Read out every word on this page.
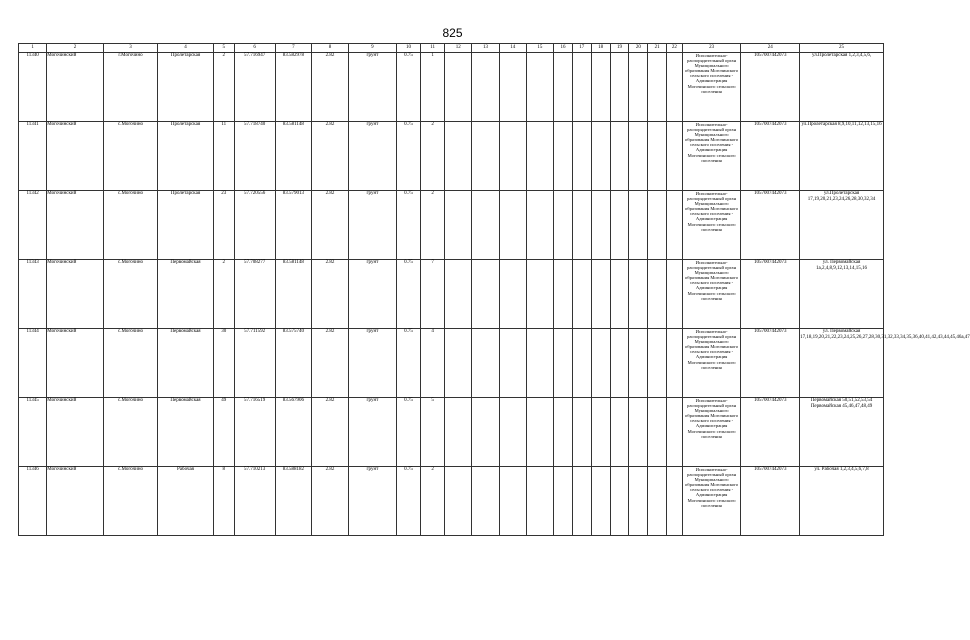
825
1	2	3	4	5	6	7	8	9	10	11	12	13	14	15	16	17	18	19	20	21	22	23	24	25
11340	Могочинский	г.Могочино	Пролетарская	2	57.716947	83.582978	2.82	грунт	0.75	1												Исполнительно-распорядительный орган Муниципального образования Могочинского сельского поселения - Администрация Могочинского сельского поселения	1057007442073	ул.Пролетарская 1,2,3,4,5,6,
11341	Могочинский	с.Могочино	Пролетарская	11	57.718740	83.581148	2.82	грунт	0.75	2												Исполнительно-распорядительный орган Муниципального образования Могочинского сельского поселения - Администрация Могочинского сельского поселения	1057007442073	ул.Пролетарская 8,9,10,11,12,13,15,16
11342	Могочинский	с.Могочино	Пролетарская	23	57.720556	83.579013	2.82	грунт	0.75	2												Исполнительно-распорядительный орган Муниципального образования Могочинского сельского поселения - Администрация Могочинского сельского поселения	1057007442073	ул.Пролетарская 17,19,20,21,23,24,26,28,30,32,34
11343	Могочинский	с.Могочино	Первомайская	2	57.708277	83.581148	2.82	грунт	0.75	7												Исполнительно-распорядительный орган Муниципального образования Могочинского сельского поселения - Администрация Могочинского сельского поселения	1057007442073	ул. Первомайская 1а,2,4,8,9,12,13,14,15,16
11344	Могочинский	с.Могочино	Первомайская	30	57.711592	83.575740	2.82	грунт	0.75	4												Исполнительно-распорядительный орган Муниципального образования Могочинского сельского поселения - Администрация Могочинского сельского поселения	1057007442073	ул. Первомайская 17,18,19,20,21,22,23,24,25,26,27,28,30,31,32,33,34,35,36,40,41,42,43,44,45,46а,47
11345	Могочинский	с.Могочино	Первомайская	49	57.716519	83.567906	2.82	грунт	0.75	5												Исполнительно-распорядительный орган Муниципального образования Могочинского сельского поселения - Администрация Могочинского сельского поселения	1057007442073	Первомайская 50,51,52,53,54 Первомайская 45,46,47,48,49
11346	Могочинский	с.Могочино	Рабочая	8	57.710213	83.588182	2.82	грунт	0.75	2												Исполнительно-распорядительный орган Муниципального образования Могочинского сельского поселения - Администрация Могочинского сельского поселения	1057007442073	ул. Рабочая 1,2,3,4,5,6,7,8
